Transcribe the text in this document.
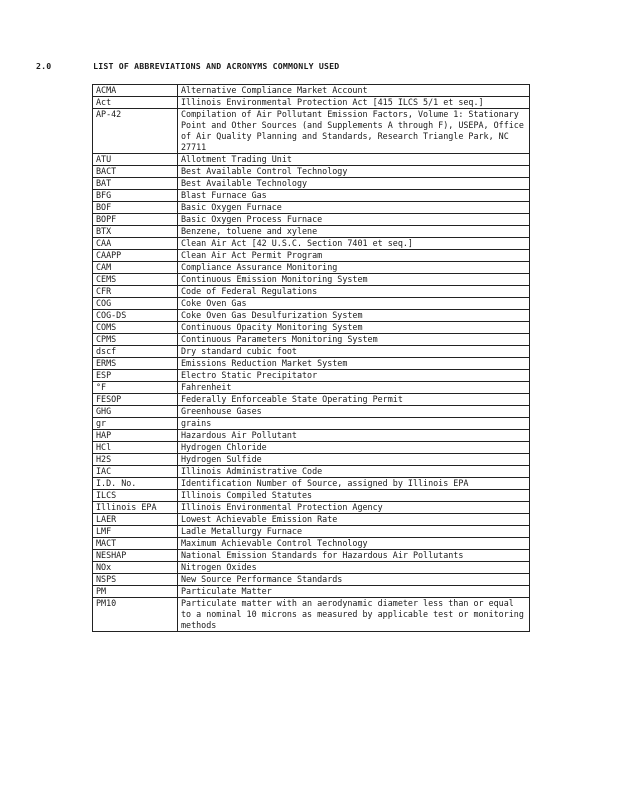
2.0	LIST OF ABBREVIATIONS AND ACRONYMS COMMONLY USED
ACMA	Alternative Compliance Market Account
Act	Illinois Environmental Protection Act [415 ILCS 5/1 et seq.]
AP-42	Compilation of Air Pollutant Emission Factors, Volume 1: Stationary Point and Other Sources (and Supplements A through F), USEPA, Office of Air Quality Planning and Standards, Research Triangle Park, NC 27711
ATU	Allotment Trading Unit
BACT	Best Available Control Technology
BAT	Best Available Technology
BFG	Blast Furnace Gas
BOF	Basic Oxygen Furnace
BOPF	Basic Oxygen Process Furnace
BTX	Benzene, toluene and xylene
CAA	Clean Air Act [42 U.S.C. Section 7401 et seq.]
CAAPP	Clean Air Act Permit Program
CAM	Compliance Assurance Monitoring
CEMS	Continuous Emission Monitoring System
CFR	Code of Federal Regulations
COG	Coke Oven Gas
COG-DS	Coke Oven Gas Desulfurization System
COMS	Continuous Opacity Monitoring System
CPMS	Continuous Parameters Monitoring System
dscf	Dry standard cubic foot
ERMS	Emissions Reduction Market System
ESP	Electro Static Precipitator
°F	Fahrenheit
FESOP	Federally Enforceable State Operating Permit
GHG	Greenhouse Gases
gr	grains
HAP	Hazardous Air Pollutant
HCl	Hydrogen Chloride
H2S	Hydrogen Sulfide
IAC	Illinois Administrative Code
I.D. No.	Identification Number of Source, assigned by Illinois EPA
ILCS	Illinois Compiled Statutes
Illinois EPA	Illinois Environmental Protection Agency
LAER	Lowest Achievable Emission Rate
LMF	Ladle Metallurgy Furnace
MACT	Maximum Achievable Control Technology
NESHAP	National Emission Standards for Hazardous Air Pollutants
NOx	Nitrogen Oxides
NSPS	New Source Performance Standards
PM	Particulate Matter
PM10	Particulate matter with an aerodynamic diameter less than or equal to a nominal 10 microns as measured by applicable test or monitoring methods
